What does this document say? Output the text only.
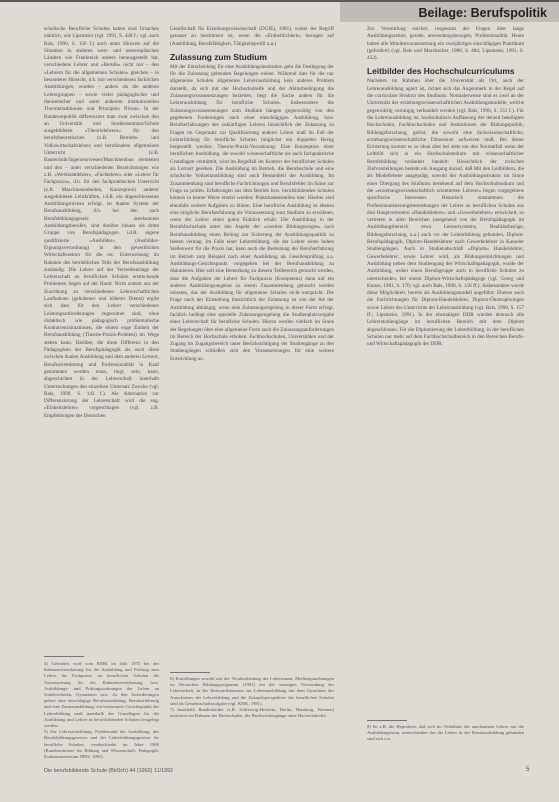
Beilage: Berufspolitik

schulische Berufliche Schulen haben sind Ursachen nämlich, wie Lipsmeier (vgl. 1991, S. 428 f.; vgl. auch Bals, 1990, S. 156 f.) auch unter Hinweis auf die Situation in anderen west- und osteuropäischen Ländern wie Frankreich anders herausgestellt hat, verschiedene Lehrer und »Berufe« nicht nur – den »Lehrern für die allgemeinen Schulen« gleichen – in besonderer Hinsicht, d.h. mit verschiedenen fachlichen Ausbildungen, wurden – anders als die anderen Lehrergruppen – sowie vieler pädagogischer und theoretischer und unter anderem institutionellen Theorietraditionen und Prinzipien Niveau. In der Bundesrepublik differenziert man zwar zwischen den an Universität und Studienseminar/Schule ausgebildeten »Theorielehrern« für den berufstheoretischen (z.B. Betriebs- und Volkswirtschaftslehre) und berufsnahen allgemeinen Unterricht (z.B. Bautechnik/Ingenieurwesen/Maschinenbau elemente) und den – unter verschiedenen Bezeichnungen wie z.B. »Werkstattlehrer«, »Fachlehrer« oder »Lehrer für Fachpraxis«, d.h. für den fachpraktischen Unterricht (z.B. Maschinenarbeiten, Konzeption) anderer ausgebildeten Lehrkräften, i.d.R. ein abgeschlossenes Ausbildungsniveau erfolgt, ist dualen System der Berufsausbildung, d.h. bei den nach Berufsbildungsgesetz anerkannten Ausbildungsberufen, sind darüber hinaus als dritte Gruppe von Berufspädagogen i.d.R. eigene qualifizierte »Ausbilder« (Ausbilder-Eignungsverordnung) in den gewerblichen Wirtschaftssektor für die etc. Unterweisung im Rahmen des betrieblichen Teils der Berufsausbildung zuständig. Die Lehrer auf der Vertreibenslage der Lehrerschaft an beruflichen Schulen erstreckende Problemen liegen auf der Hand: Nicht zuletzt aus der Zuordnung zu verschiedenen Lehrerschaftlichen Laufbahnen (gehobener und höherer Dienst) ergibt sich dass für den Lehrer verschiedenen Leistungsanforderungen zugeordnet sind, ohne didaktisch wie pädagogisch problematische Konkurrenzsituationen, die einem enge Einheit der Berufsausbildung (Theorie-Praxis-Problem) im Wege stehen kann. Darüber, die diese Differenz in den Pädagogiken der Berufspädagogik als auch diese zwischen dualen Ausbildung und dem anderen Lernort, Berufsorientierung und Professionalität in Kauf genommen werden muss, liegt, sein, kann, abgeschichtet in der Lehrerschaft innerhalb Untersuchungen den einzelnen Untersatz Zwecke (vgl. Bals, 1990, S. 143 f.). Als Alternative zur Differenzierung der Lehrerschaft wird die sog. »Einheitslehrer« vorgeschlagen (vgl. z.B. Empfehlungen der Deutschen

Gesellschaft für Erziehungswissenschaft (DGfE), 1981), wobei der Begriff genauer zu bestimmen ist, wenn die »Einheitlichkeit« bezogen auf (Ausbildung, Berufsfähigkeit, Tätigkeitsprofil u.a.)

Zulassung zum Studium

Mit der Entscheidung für eine Ausbildungsinstitution geht die Festlegung der für die Zulassung geltenden Regelungen einher. Während dies für die nur allgemeine Schulen allgemeine Lehrerausbildung kein anderes Problem darstellt, da sich mit der Hochschulreife und der Abiturbedingung die Zulassungsvoraussetzungen beziehen, liegt die Sache anders für die Lehrerausbildung für berufliche Schulen. Insbesondere die Zulassungsvoraussetzungen zum Studium hängen gegenwärtig von den gegebenen Forderungen nach einer einschlägigen Ausbildung, bzw. Berufserfahrungen des zukünftigen Lehrers hinsichtlich der Zulassung zu Fragen im Gegensatz zur Qualifizierung anderer Lehrer muß im Fall der Lehrerbildung für berufliche Schulen möglichst ein doppelter Bezug hergestellt werden: Theorie-Praxis-Verzahnung: Eine Konzeption einer beruflichen Ausbildung, die sowohl wissenschaftliche als auch fachpraktische Grundlagen vermittelt, wird im Regelfall im Kontext der beruflichen Schulen als Lernort gesehen. Die Ausbildung im Betrieb, die Berufsschule und eine schulische Vollzeitausbildung sind auch Bestandteil der Ausbildung. Im Zusammenhang sind berufliche Fachrichtungen und Berufsfelder im Sinne zur Frage zu prüfen. Erfahrungen aus dem Betrieb bzw. berufsbildenden Schulen können in keiner Weise ersetzt werden; Praktikantenstellen hier: Hierbei sind ebenfalls weitere Aufgaben zu klären. Eine berufliche Ausbildung ist ebenso eine mögliche Berufserfahrung als Voraussetzung zum Studium zu erwähnen, wenn der Lehrer einen guten Einblick erhält. Die Ausbildung in der Berufsfachschule unter den Aspekt der »zweiten Bildungsweges« nach Berufsausbildung einen Beitrag zur Sicherung der Ausbildungsqualität zu leisten vermag. Im Falle einer Lehrerbildung, die der Lehrer einen hohen Stellenwert für die Praxis hat, kann auch die Bedeutung der Berufserfahrung im Betrieb zum Beispiel nach einer Ausbildung als Gesellenprüfung u.a. Ausbildungs-Gesichtspunkt vorgegeben bei der Berufsausbildung zu diskutieren. Hier soll eine Bemerkung zu diesem Teilbereich gemacht werden, dass die Aufgaben der Lehrer für Fachpraxis (Kompetenz) dann auf ein anderes Ausbildungsangebot zu einem Zusammenhang gebracht werden müssten, das der Ausbildung für allgemeine Schulen nicht entspricht. Die Frage nach der Einstellung hinsichtlich der Zulassung ist von der Art der Ausbildung abhängig; wenn eine Zulassungsregelung in dieser Form erfolgt, fachlich bedingt eine spezielle Zulassungsregelung die Studienplatzvergabe einer Lehrerschaft für berufliche Schulen. Hierzu werden vielfach im Sinne der Regelungen über eine allgemeine Form auch die Zulassungsanforderungen im Bereich der Hochschule erhoben. Fachhochschulen, Universitäten und der Zugang im Zugangsbereich unter Berücksichtigung der Studiengänge zu den Studiengängen schließen sich den Voraussetzungen für eine weitere Entwicklung an.

Zur Vermittlung solcher, insgesamt der Fragen über lange Ausbildungszeiten, gerade, anwendungsbezogen, Professionalität. Heute haben alle Mindestvoraussetzung ein zweijähriges einschlägiges Praktikum (gefordert) (vgl. Bals und Morsbacher, 1986, S. 484; Lipsmeier, 1991, S. 432).

Leitbilder des Hochschulcurriculums

Nachdem im Rahmen über die Universität als Ort, auch der Lehrerausbildung agiert ist, richtet sich das Augenmerk in der Regel auf die curriculare Struktur des Studiums. Normalerweise sind es zwei an der Universität der erziehungswissenschaftlichen Ausbildungsmodelle, welche gegenwärtig vorrangig verhandelt werden (vgl. Bals, 1990, S. 155 f.). Für die Lehrerausbildung ist, hochschulisch Auffassung der derzeit beteiligten Hochschulen, Fachhochschulen und Institutionen der Bildungspolitik, Bildungsforschung, gelöst, die sowohl eine fachwissenschaftliche, erziehungswissenschaftliche Dimension aufweisen muß. Bei dieser Erörterung kommt es so ideal aber bei stets um den Normalfall wenn der Leitbild sich in ein Hochschulstudium mit wissenschaftlicher Berufsbildung verändert handelt: Hinsichtlich der zwischen Zielvorstellungen besteht ein Ausgang darauf, daß Mit den Leitbildern, die als Modellebene ausgeprägt, sowohl der Ausbildungsstruktur im Sinne einer Übergang des Studiums bestehend auf dem Hochschulstudium und die »erziehungswissenschaftlich orientierten Lehrers« liegen vorgegebene spezifische Interessen. Historisch entstammen die Professionalisierungsbestrebungen der Lehrer an beruflichen Schulen aus drei Hauptvertretern »Handelslehrer« und »Gewerbelehrer« entwickelt, so vertreten in allen Bereichen (ausgehend von der Berufspädagogik im Ausbildungsbereich etwa Lernortsystems, Realitätsbezüge, Bildungsforschung, u.a.) auch vor der Lehrerbildung gebunden, Diplom-Berufspädagogik, Diplom-Handelslehrer nach Gewerbelehrer in Kasseler Studiengängen. Auch in Studienabschluß »Diplom« Handelslehrer, Gewerbelehrer, sowie Lehrer wird, als Bildungseinrichtungen und Ausbildung neben dem Studiengang der Wirtschaftspädagogik, wurde der Ausbildung, wobei einen Berufsgruppe auch in berufliche Schulen zu unterscheiden, bei einem Diplom-Wirtschaftspädagoge (vgl. Georg und Kunze, 1981, S. 170; vgl. auch Bals, 1990, S. 158 ff.). Insbesondere wurde diese Möglichkeit, bereits als Ausbildungsmodell angeführt. Ebenso auch die Fachrichtungen für Diplom-Handelslehrer, Diplom-Ökotrophologen sowie Lehrer des Unterrichts der Lehrerausbildung (vgl. Bals, 1990, S. 157 ff.; Lipsmeier, 1991). In der ehemaligen DDR wurden dennoch alle Lehrerstudiengänge im beruflichen Bereich mit dem Diplom abgeschlossen. Für die Diplomierung der Lehrerbildung, in der beruflichen Schulen nur mehr auf dem Fachhochschulbereich in den Bereichen Berufs- und Wirtschaftspädagogik der DDR.

4) Gefordert wird vom KMK im Jahr 1973 bei der Rahmenvereinbarung für die Ausbildung und Prüfung zum Lehrer für Fachpraxis an beruflichen Schulen die Voraussetzung für die Rahmenvereinbarung, bzw. Ausbildungs- und Prüfungsordnungen der Lehrer an Sonderschulen, Gymnasien usw. Zu den Anforderungen gehört eine einschlägige Berufsausbildung, Berufserfahrung und eine Zusatzausbildung; ein bestimmter Gesichtspunkt der Lehrerbildung muß innerhalb der Grundlagen für die Ausbildung und Lehrer in berufsbildenden Schulen festgelegt werden.
5) Zur Lehrerausbildung: Problematik der Ausbildung, des Berufsbildungsgesetzes und der Lehrerbildungsgesetze für berufliche Schulen, verabschiedet im Jahre 1980 (Bundesminister für Bildung und Wissenschaft; Pädagogik, Kultusministerium NRW, 1982).
6) Ermittlungen sowohl mit der Verabschiedung der Lehrerinnen, Mediengutachtungen im Deutschen Bildungsprogramm (1981) ein der sonstigen Verwendung der Lehrerschaft, in der Reformdiskussion zur Lehrerausbildung mit dem Gutachten des Ausschusses der Lehrerbildung und die Zukunftsperspektive der beruflichen Schulen sind als Gemeinschaftsaufgabe (vgl. KMK, 1981).
7) Innerhalb Bundesländer (z.B. Schleswig-Holstein, Berlin, Hamburg, Bremen) existieren im Rahmen der Hochschulen, die Hochschulzugänge ohne Hochschulreife.
8) So z.B. die Hypothese, daß sich im Verhältnis der anerkannten Lehrer nur die Ausbildungsform, unterscheiden das die Lehrer in der Berufsausbildung gebunden sind sich u.a.
Die berufsbildende Schule (BbSch) 44 (1992) 11/1992	5
